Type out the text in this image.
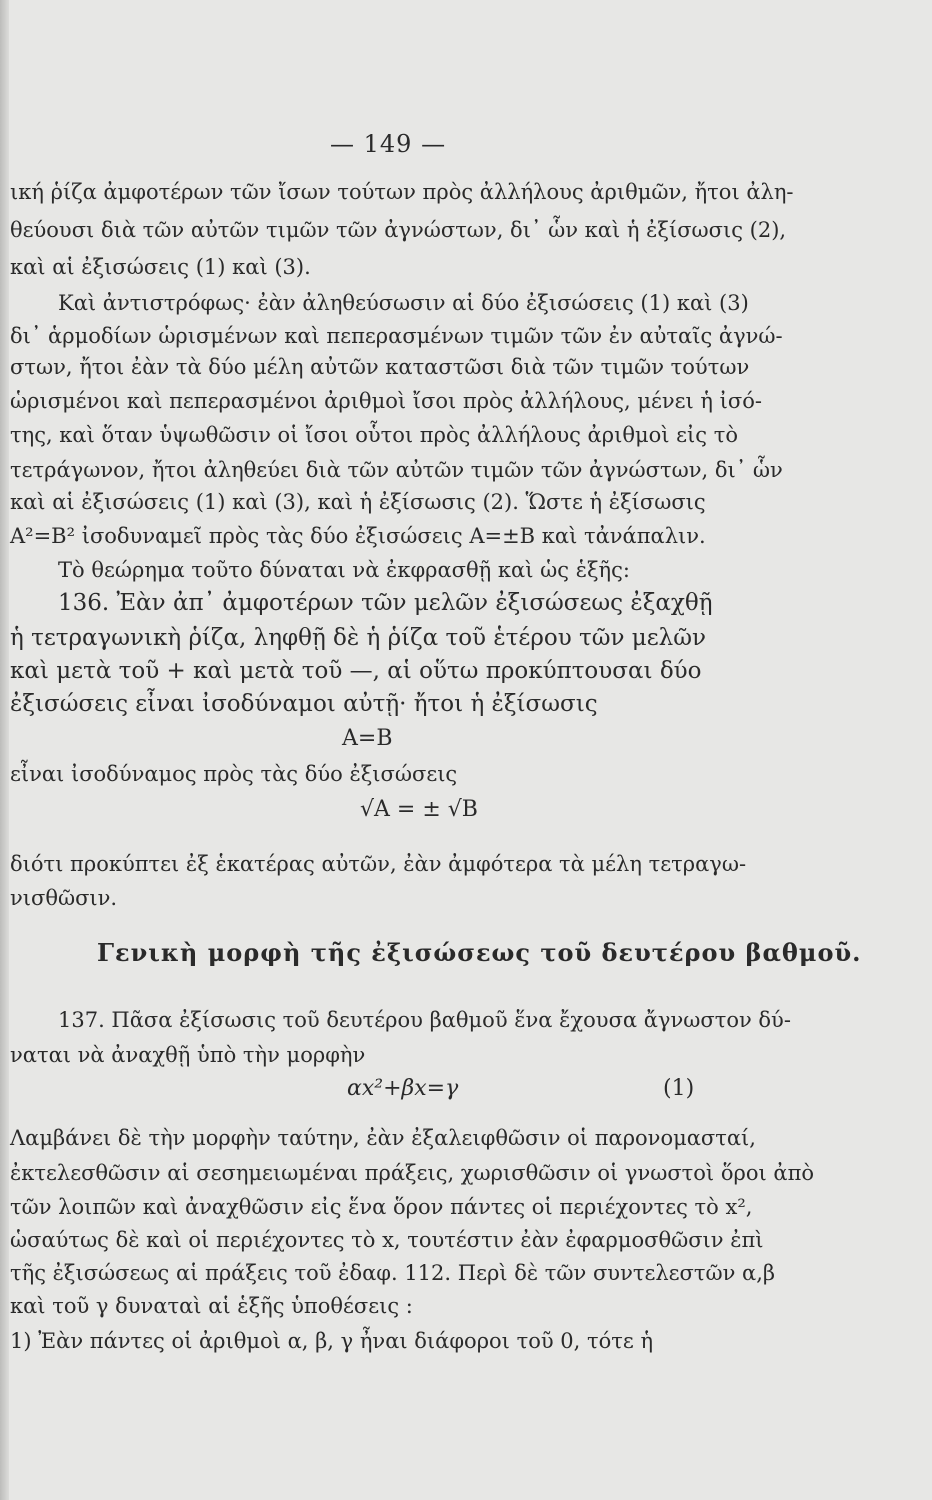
— 149 —
ική ῥίζα ἀμφοτέρων τῶν ἴσων τούτων πρὸς ἀλλήλους ἀριθμῶν, ἤτοι ἀλη-
θεύουσι διὰ τῶν αὐτῶν τιμῶν τῶν ἀγνώστων, δι᾽ ὧν καὶ ἡ ἐξίσωσις (2),
καὶ αἱ ἐξισώσεις (1) καὶ (3).
Καὶ ἀντιστρόφως· ἐὰν ἀληθεύσωσιν αἱ δύο ἐξισώσεις (1) καὶ (3)
δι᾽ ἁρμοδίων ὡρισμένων καὶ πεπερασμένων τιμῶν τῶν ἐν αὐταῖς ἀγνώ-
στων, ἤτοι ἐὰν τὰ δύο μέλη αὐτῶν καταστῶσι διὰ τῶν τιμῶν τούτων
ὡρισμένοι καὶ πεπερασμένοι ἀριθμοὶ ἴσοι πρὸς ἀλλήλους, μένει ἡ ἰσό-
της, καὶ ὅταν ὑψωθῶσιν οἱ ἴσοι οὗτοι πρὸς ἀλλήλους ἀριθμοὶ εἰς τὸ
τετράγωνον, ἤτοι ἀληθεύει διὰ τῶν αὐτῶν τιμῶν τῶν ἀγνώστων, δι᾽ ὧν
καὶ αἱ ἐξισώσεις (1) καὶ (3), καὶ ἡ ἐξίσωσις (2). Ὥστε ἡ ἐξίσωσις
A²=B² ἰσοδυναμεῖ πρὸς τὰς δύο ἐξισώσεις A=±B καὶ τἀνάπαλιν.
Τὸ θεώρημα τοῦτο δύναται νὰ ἐκφρασθῇ καὶ ὡς ἑξῆς:
136. Ἐὰν ἀπ᾽ ἀμφοτέρων τῶν μελῶν ἐξισώσεως ἐξαχθῇ
ἡ τετραγωνικὴ ῥίζα, ληφθῇ δὲ ἡ ῥίζα τοῦ ἑτέρου τῶν μελῶν
καὶ μετὰ τοῦ + καὶ μετὰ τοῦ —, αἱ οὕτω προκύπτουσαι δύο
ἐξισώσεις εἶναι ἰσοδύναμοι αὐτῇ· ἤτοι ἡ ἐξίσωσις
A=B
εἶναι ἰσοδύναμος πρὸς τὰς δύο ἐξισώσεις
√A = ± √B
διότι προκύπτει ἐξ ἑκατέρας αὐτῶν, ἐὰν ἀμφότερα τὰ μέλη τετραγω-
νισθῶσιν.
Γενικὴ μορφὴ τῆς ἐξισώσεως τοῦ δευτέρου βαθμοῦ.
137. Πᾶσα ἐξίσωσις τοῦ δευτέρου βαθμοῦ ἕνα ἔχουσα ἄγνωστον δύ-
ναται νὰ ἀναχθῇ ὑπὸ τὴν μορφὴν
αx²+βx=γ	(1)
Λαμβάνει δὲ τὴν μορφὴν ταύτην, ἐὰν ἐξαλειφθῶσιν οἱ παρονομασταί,
ἐκτελεσθῶσιν αἱ σεσημειωμέναι πράξεις, χωρισθῶσιν οἱ γνωστοὶ ὅροι ἀπὸ
τῶν λοιπῶν καὶ ἀναχθῶσιν εἰς ἕνα ὅρον πάντες οἱ περιέχοντες τὸ x²,
ὡσαύτως δὲ καὶ οἱ περιέχοντες τὸ x, τουτέστιν ἐὰν ἐφαρμοσθῶσιν ἐπὶ
τῆς ἐξισώσεως αἱ πράξεις τοῦ ἐδαφ. 112. Περὶ δὲ τῶν συντελεστῶν α,β
καὶ τοῦ γ δυναταὶ αἱ ἑξῆς ὑποθέσεις :
1) Ἐὰν πάντες οἱ ἀριθμοὶ α, β, γ ἦναι διάφοροι τοῦ 0, τότε ἡ
